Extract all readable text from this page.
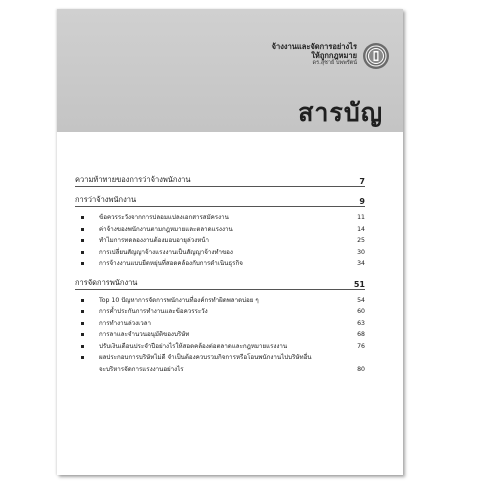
จ้างงานและจัดการอย่างไร
ให้ถูกกฎหมาย
ดร.สุชาย์ บพพรัตน์
สารบัญ
ความท้าทายของการว่าจ้างพนักงาน	7
การว่าจ้างพนักงาน	9
ข้อควรระวังจากการปลอมแปลงเอกสารสมัครงาน	11
ค่าจ้างของพนักงานตามกฎหมายและตลาดแรงงาน	14
ทำไมการทดลองงานต้องมอบอายุล่วงหน้า	25
การเปลี่ยนสัญญาจ้างแรงงานเป็นสัญญาจ้างทำของ	30
การจ้างงานแบบยืดหยุ่นที่สอดคล้องกับการดำเนินธุรกิจ	34
การจัดการพนักงาน	51
Top 10 ปัญหาการจัดการพนักงานที่องค์กรทำผิดพลาดบ่อย ๆ	54
การค้ำประกันการทำงานและข้อควรระวัง	60
การทำงานล่วงเวลา	63
การลาและจำนวนอนุมัติของบริษัท	68
ปรับเงินเดือนประจำปีอย่างไรให้สอดคล้องต่อตลาดและกฎหมายแรงงาน	76
ผลประกอบการบริษัทไม่ดี จำเป็นต้องควบรวมกิจการหรือโอนพนักงานไปบริษัทอื่น จะบริหารจัดการแรงงานอย่างไร	80
